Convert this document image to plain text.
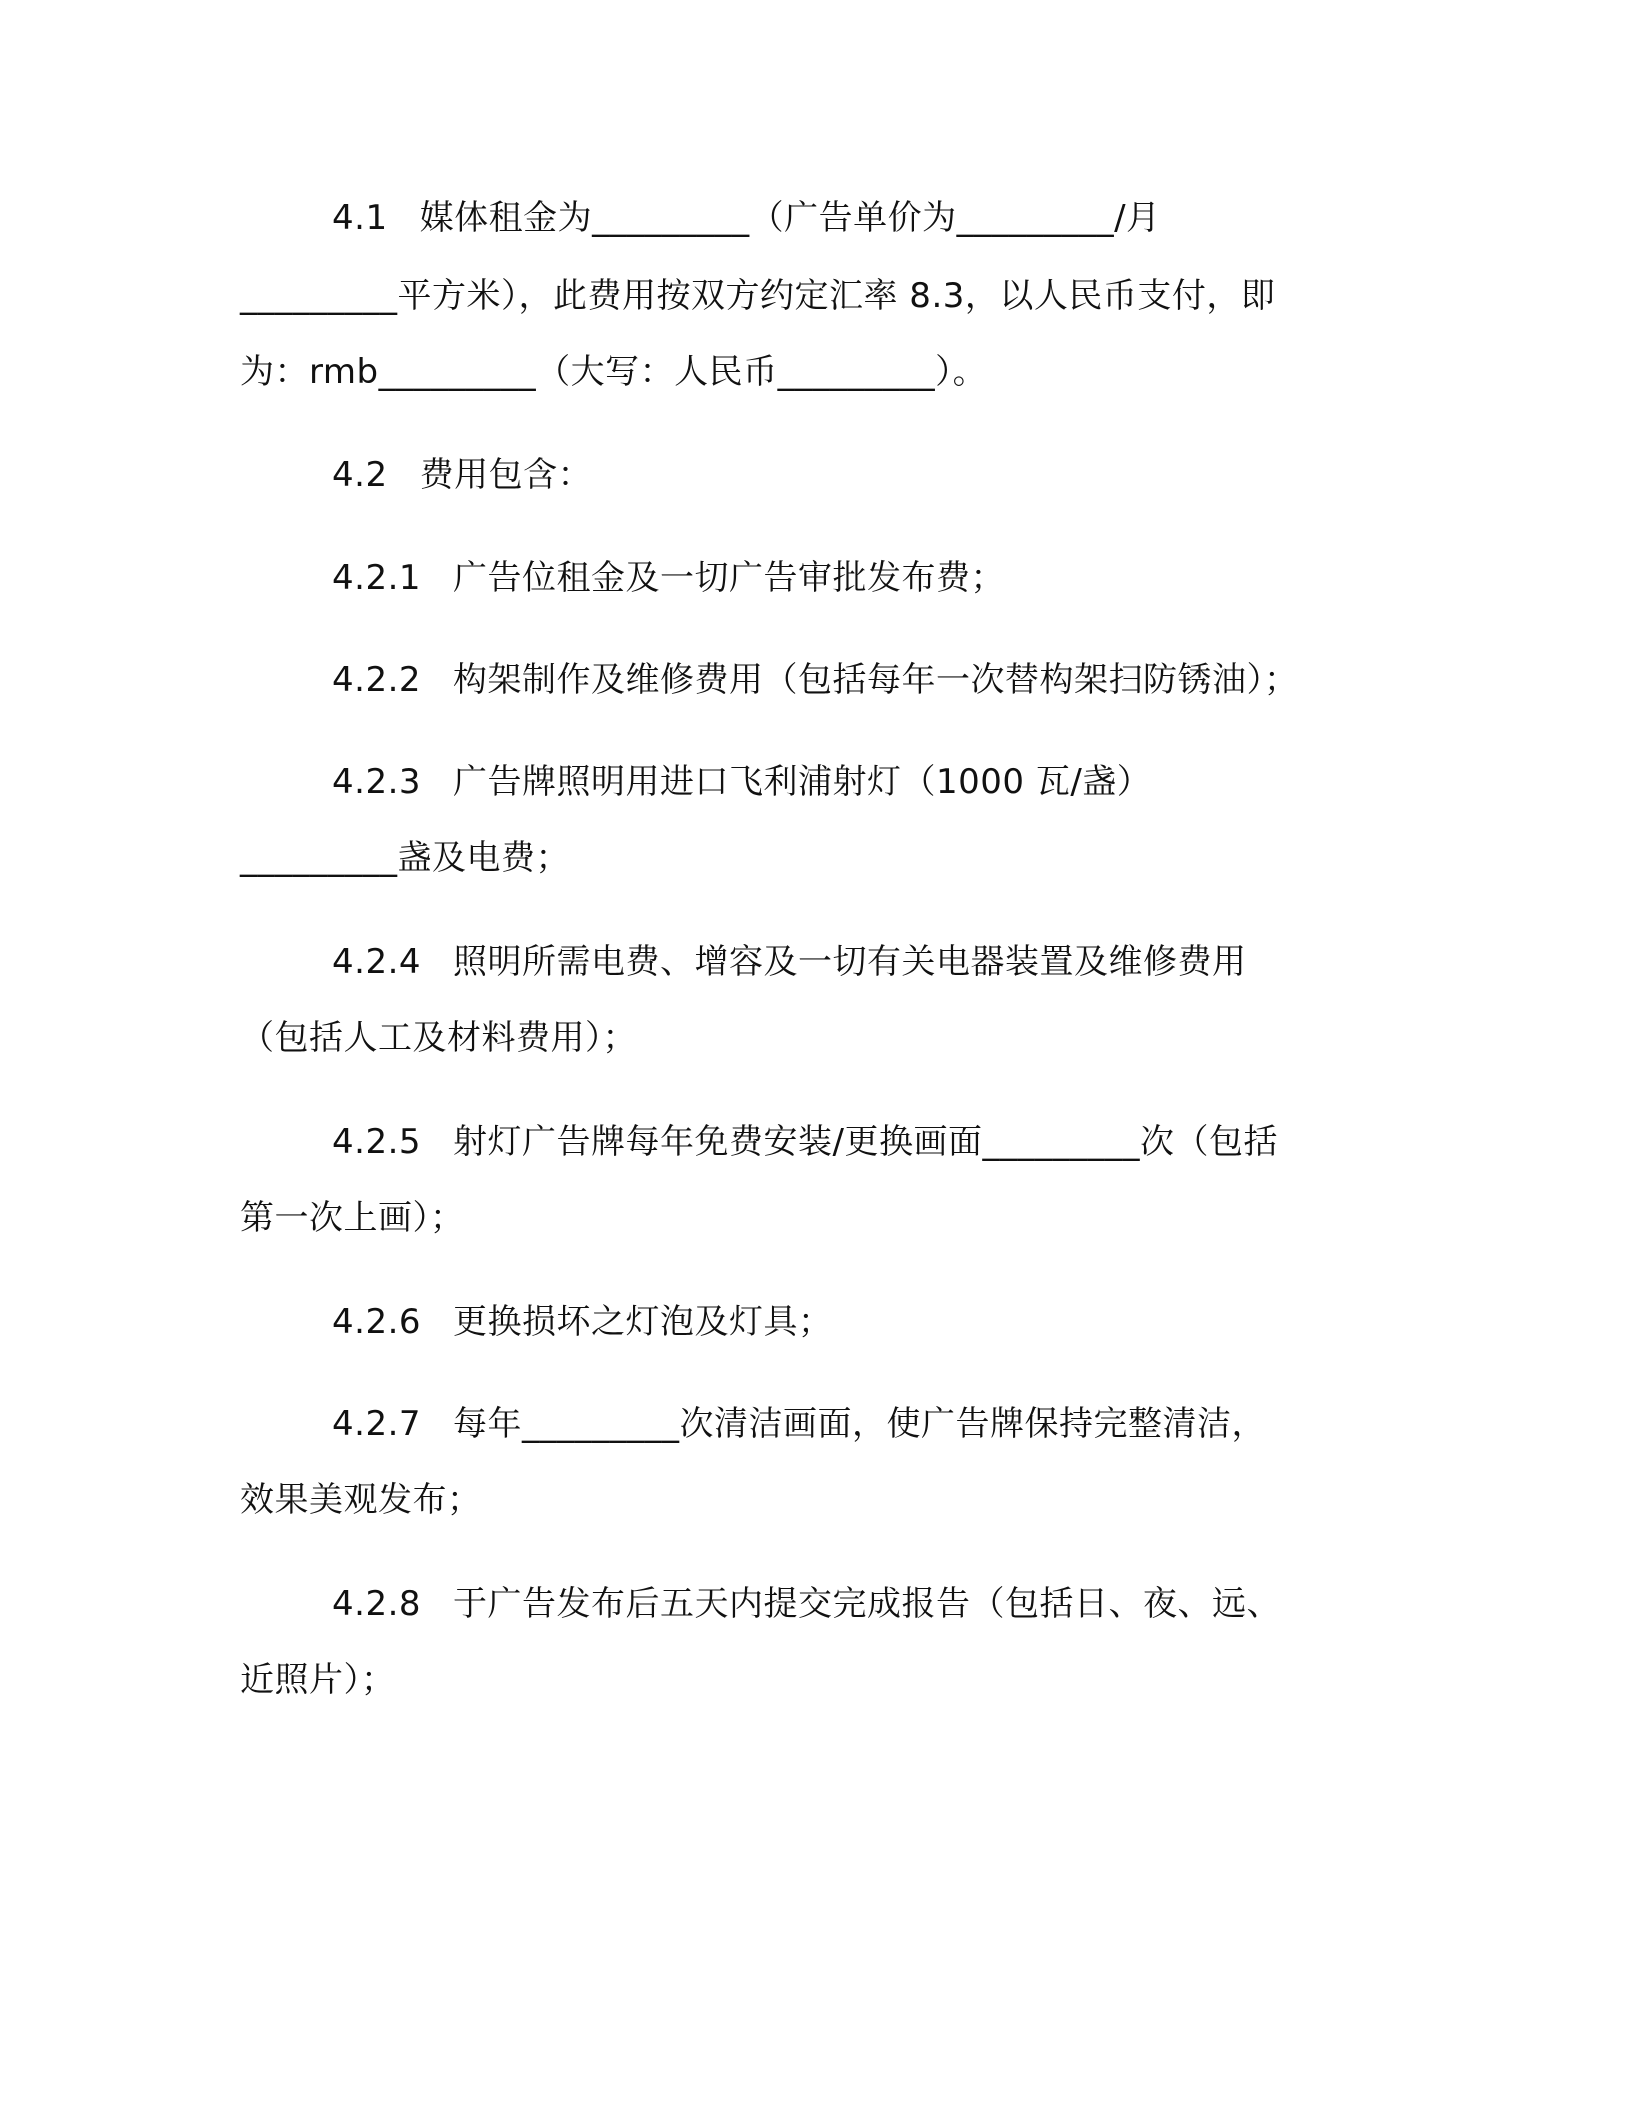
4.1 媒体租金为_________（广告单价为_________/月
_________平方米），此费用按双方约定汇率 8.3，以人民币支付，即
为：rmb_________（大写：人民币_________）。
4.2 费用包含：
4.2.1 广告位租金及一切广告审批发布费；
4.2.2 构架制作及维修费用（包括每年一次替构架扫防锈油）；
4.2.3 广告牌照明用进口飞利浦射灯（1000 瓦/盏）
_________盏及电费；
4.2.4 照明所需电费、增容及一切有关电器装置及维修费用
（包括人工及材料费用）；
4.2.5 射灯广告牌每年免费安装/更换画面_________次（包括
第一次上画）；
4.2.6 更换损坏之灯泡及灯具；
4.2.7 每年_________次清洁画面，使广告牌保持完整清洁，
效果美观发布；
4.2.8 于广告发布后五天内提交完成报告（包括日、夜、远、
近照片）；
